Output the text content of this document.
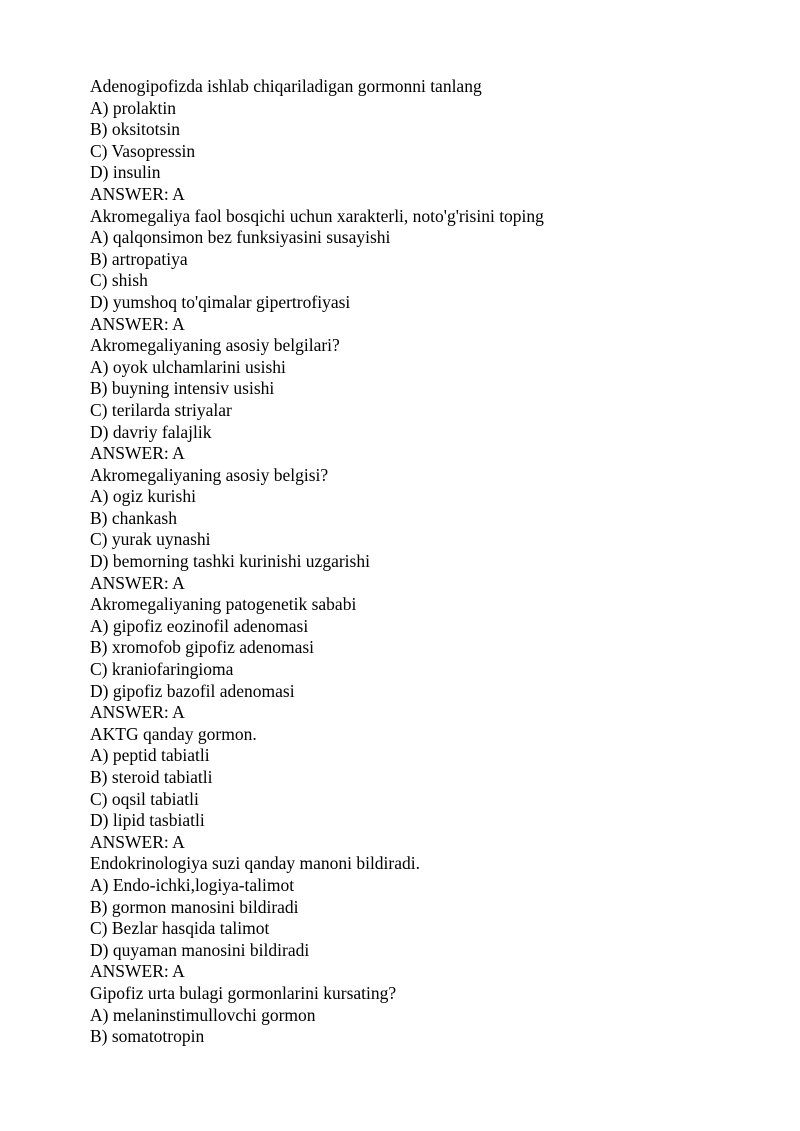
Adenogipofizda ishlab chiqariladigan gormonni tanlang
A) prolaktin
B) oksitotsin
C) Vasopressin
D) insulin
ANSWER: A
Akromegaliya faol bosqichi uchun xarakterli, noto'g'risini toping
A) qalqonsimon bez funksiyasini susayishi
B) artropatiya
C) shish
D) yumshoq to'qimalar gipertrofiyasi
ANSWER: A
Akromegaliyaning asosiy belgilari?
A) oyok ulchamlarini usishi
B) buyning intensiv usishi
C) terilarda striyalar
D) davriy falajlik
ANSWER: A
Akromegaliyaning asosiy belgisi?
A) ogiz kurishi
B) chankash
C) yurak uynashi
D) bemorning tashki kurinishi uzgarishi
ANSWER: A
Akromegaliyaning patogenetik sababi
A) gipofiz eozinofil adenomasi
B) xromofob gipofiz adenomasi
C) kraniofaringioma
D) gipofiz bazofil adenomasi
ANSWER: A
AKTG qanday gormon.
A) peptid tabiatli
B) steroid tabiatli
C) oqsil tabiatli
D) lipid tasbiatli
ANSWER: A
Endokrinologiya suzi qanday manoni bildiradi.
A) Endo-ichki,logiya-talimot
B) gormon manosini bildiradi
C) Bezlar hasqida talimot
D) quyaman manosini bildiradi
ANSWER: A
Gipofiz urta bulagi gormonlarini kursating?
A) melaninstimullovchi gormon
B) somatotropin
